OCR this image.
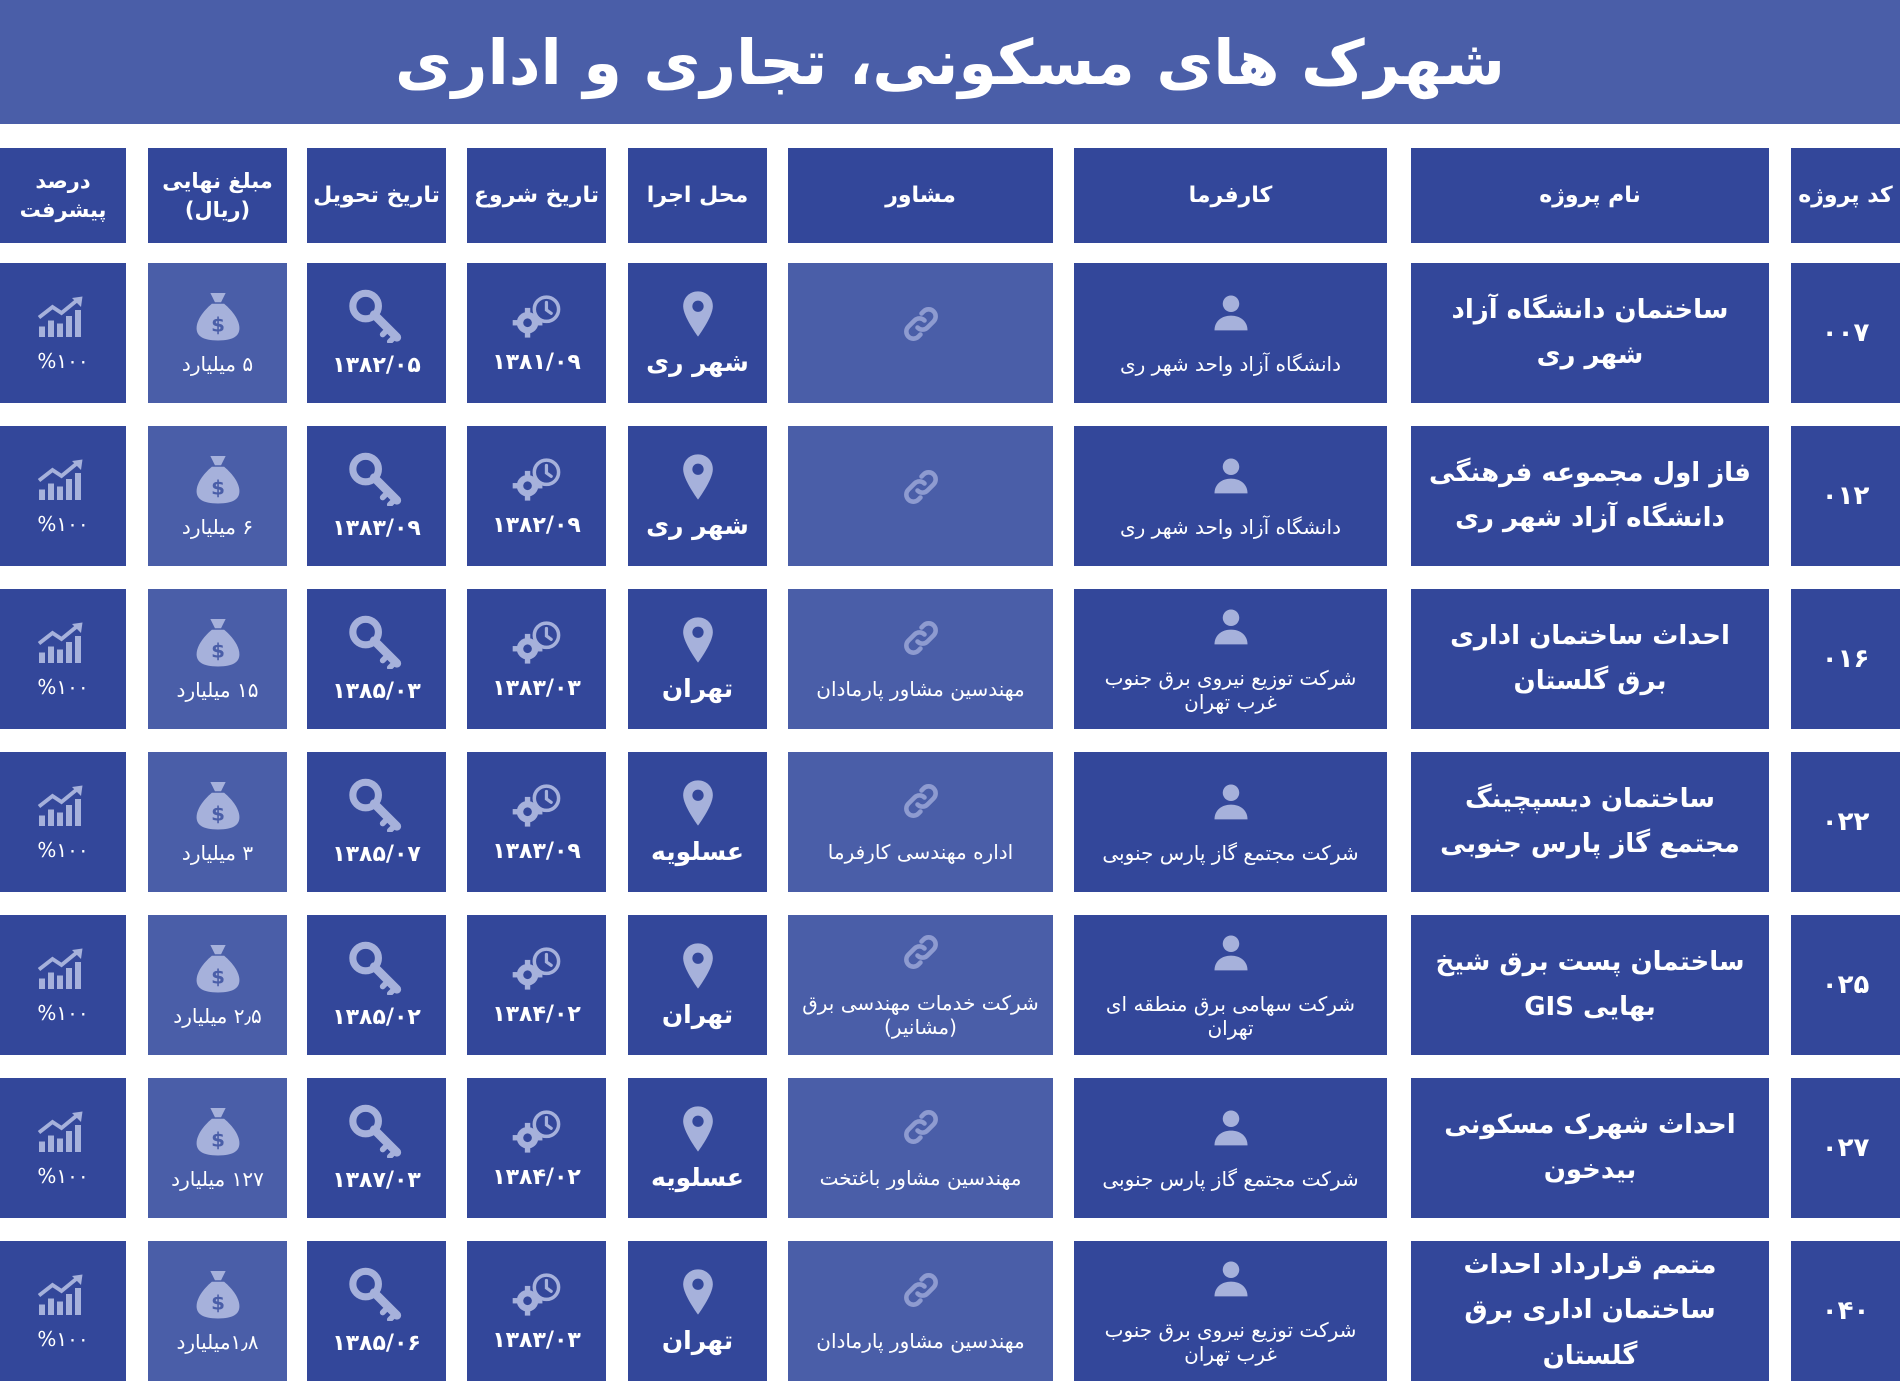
شهرک های مسکونی، تجاری و اداری
کد پروژه
نام پروژه
کارفرما
مشاور
محل اجرا
تاریخ شروع
تاریخ تحویل
مبلغ نهایی (ریال)
درصد پیشرفت
۰۰۷
ساختمان دانشگاه آزاد شهر ری
دانشگاه آزاد واحد شهر ری
شهر ری
۱۳۸۱/۰۹
۱۳۸۲/۰۵
$
۵ میلیارد
%۱۰۰
۰۱۲
فاز اول مجموعه فرهنگی دانشگاه آزاد شهر ری
دانشگاه آزاد واحد شهر ری
شهر ری
۱۳۸۲/۰۹
۱۳۸۳/۰۹
$
۶ میلیارد
%۱۰۰
۰۱۶
احداث ساختمان اداری برق گلستان
شرکت توزیع نیروی برق جنوب غرب تهران
مهندسین مشاور پارمادان
تهران
۱۳۸۳/۰۳
۱۳۸۵/۰۳
$
۱۵ میلیارد
%۱۰۰
۰۲۲
ساختمان دیسپچینگ مجتمع گاز پارس جنوبی
شرکت مجتمع گاز پارس جنوبی
اداره مهندسی کارفرما
عسلویه
۱۳۸۳/۰۹
۱۳۸۵/۰۷
$
۳ میلیارد
%۱۰۰
۰۲۵
ساختمان پست برق شیخ بهایی GIS
شرکت سهامی برق منطقه ای تهران
شرکت خدمات مهندسی برق (مشانیر)
تهران
۱۳۸۴/۰۲
۱۳۸۵/۰۲
$
۲٫۵ میلیارد
%۱۰۰
۰۲۷
احداث شهرک مسکونی بیدخون
شرکت مجتمع گاز پارس جنوبی
مهندسین مشاور باغتخت
عسلویه
۱۳۸۴/۰۲
۱۳۸۷/۰۳
$
۱۲۷ میلیارد
%۱۰۰
۰۴۰
متمم قرارداد احداث ساختمان اداری برق گلستان
شرکت توزیع نیروی برق جنوب غرب تهران
مهندسین مشاور پارمادان
تهران
۱۳۸۳/۰۳
۱۳۸۵/۰۶
$
۱٫۸میلیارد
%۱۰۰
